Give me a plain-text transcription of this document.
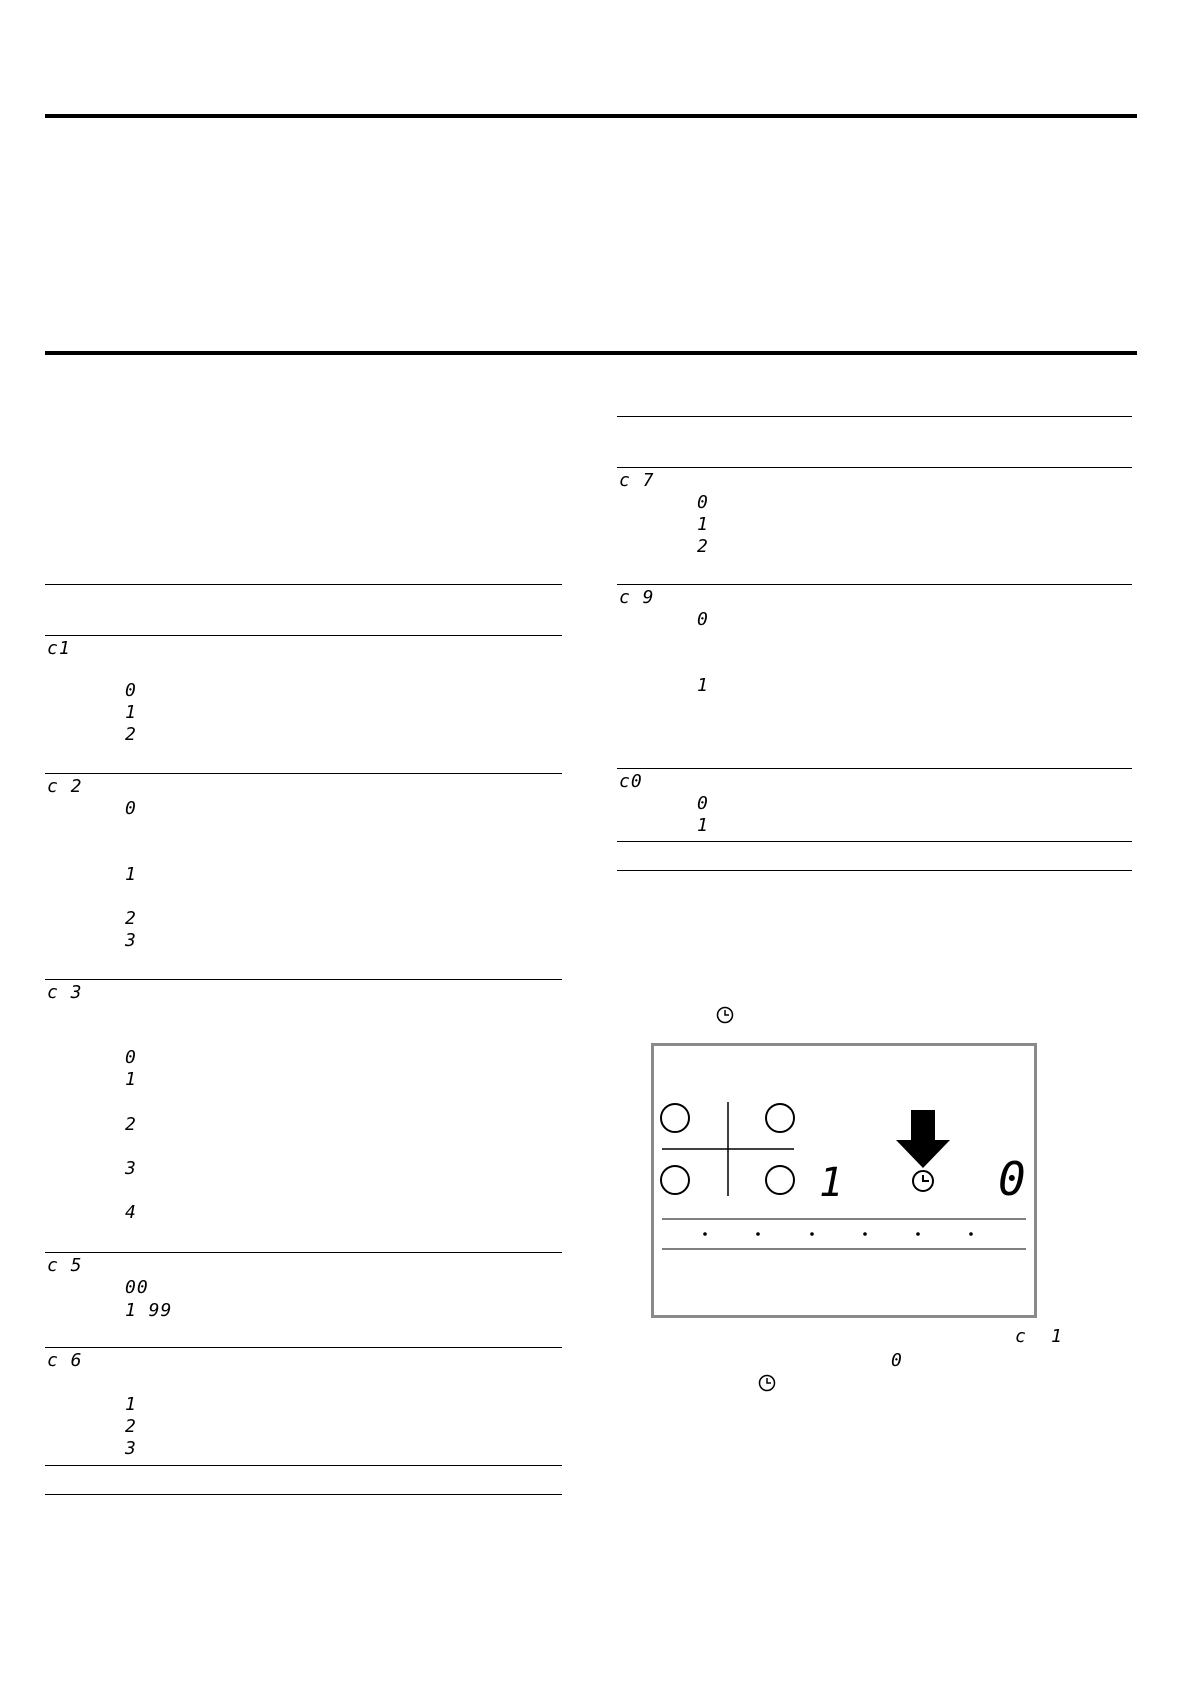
c1
0
1
2
c 2
0
1
2
3
c 3
0
1
2
3
4
c 5
00
1 99
c 6
1
2
3
c 7
0
1
2
c 9
0
1
c0
0
1
1	0
c 1
0
